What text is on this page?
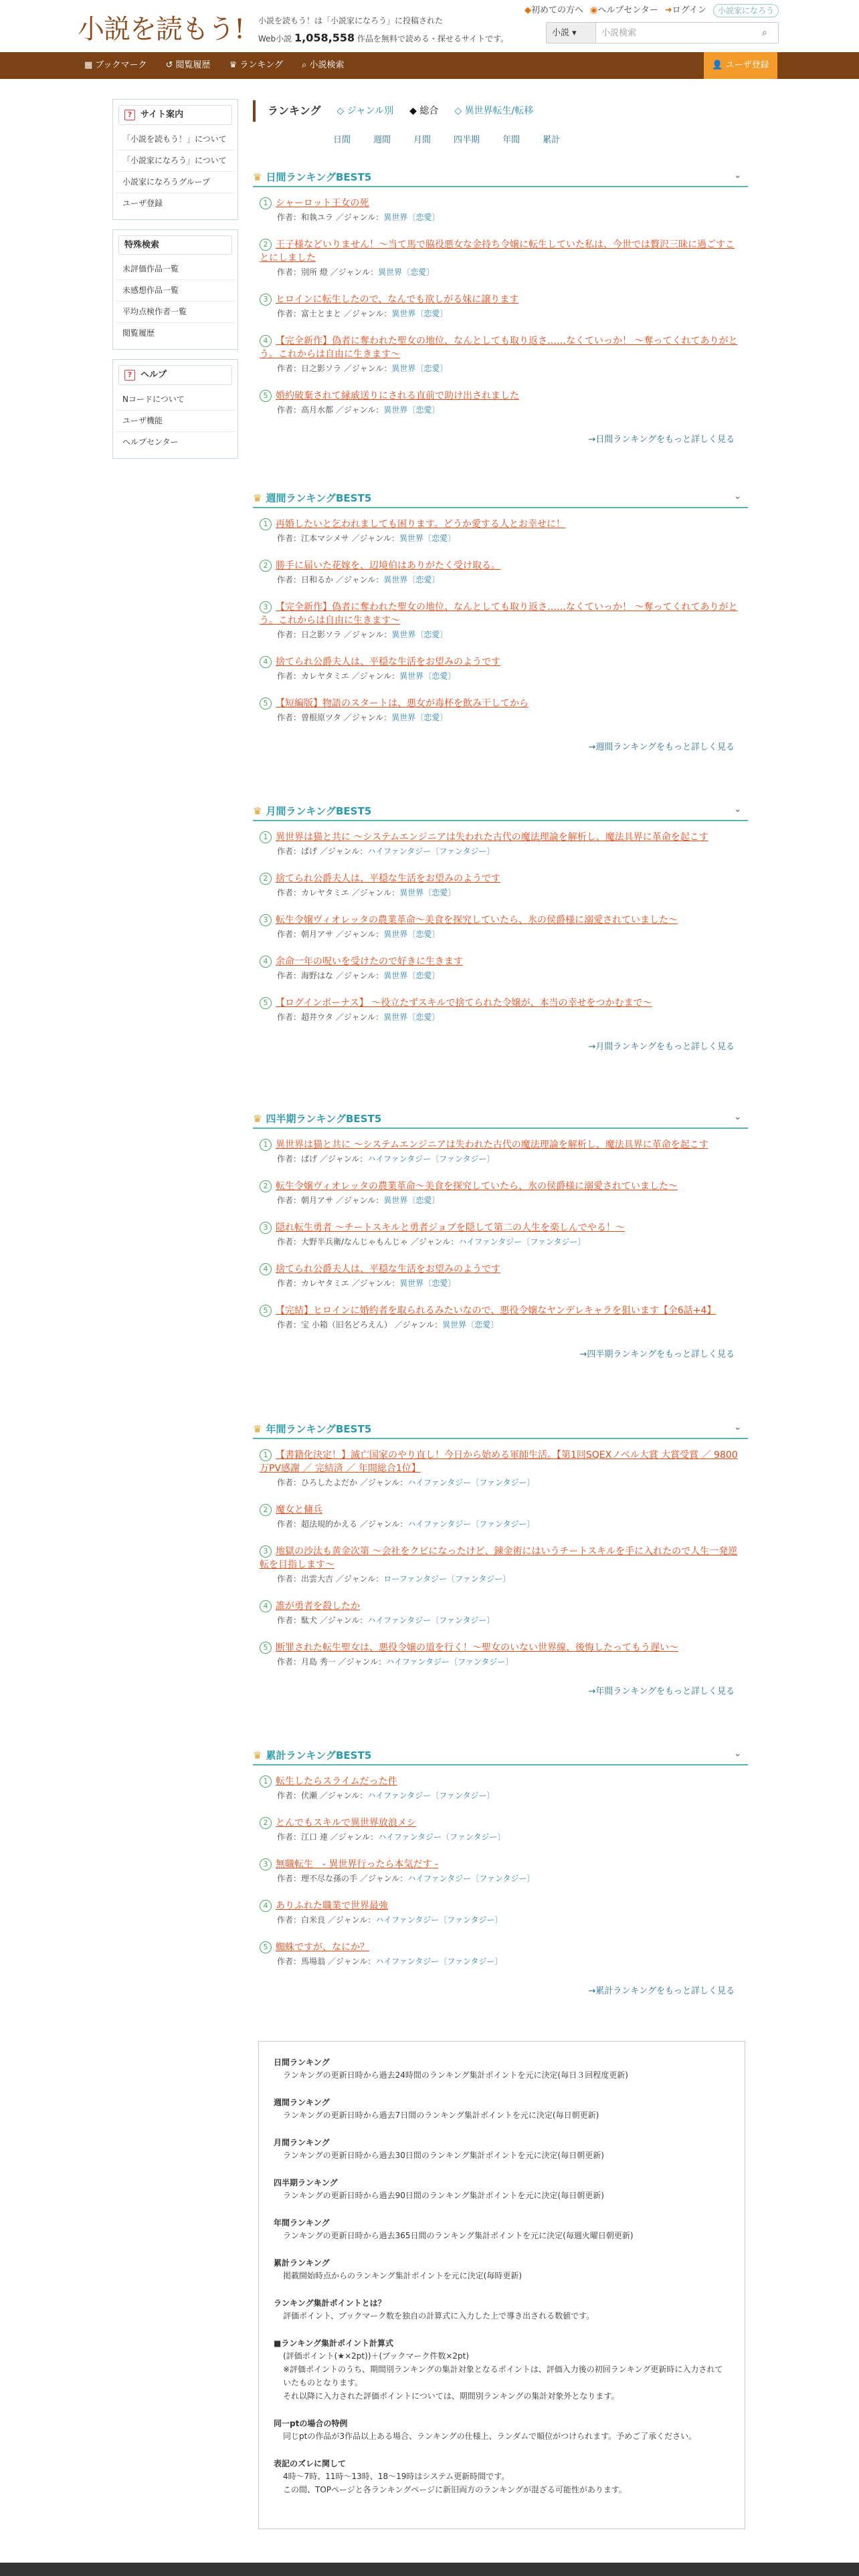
小説を読もう! 小説を読もう！は「小説家になろう」に投稿された
Web小説 1,058,558 作品を無料で読める・探せるサイトです。
◆初めての方へ ◉ヘルプセンター ➜ログイン	小説家になろう
小説 ▾	小説検索	⌕
▦ ブックマーク ↺ 閲覧履歴 ♛ ランキング ⌕ 小説検索	👤 ユーザ登録
? サイト案内
「小説を読もう！」について
「小説家になろう」について
小説家になろうグループ
ユーザ登録
特殊検索
未評価作品一覧
未感想作品一覧
平均点検作者一覧
閲覧履歴
? ヘルプ
Nコードについて
ユーザ機能
ヘルプセンター
ランキング ◇ ジャンル別 ◆ 総合 ◇ 異世界転生/転移
日間	週間	月間	四半期	年間	累計
♛ 日間ランキングBEST5	⌄
1 シャーロット王女の死
作者：和執ユラ ／ジャンル：異世界〔恋愛〕
2 王子様などいりません！～当て馬で脇役悪女な金持ち令嬢に転生していた私は、今世では贅沢三昧に過ごすことにしました
作者：別所 燈 ／ジャンル：異世界〔恋愛〕
3 ヒロインに転生したので、なんでも欲しがる妹に譲ります
作者：富士とまと ／ジャンル：異世界〔恋愛〕
4 【完全新作】偽者に奪われた聖女の地位、なんとしても取り返さ……なくていっか！ ～奪ってくれてありがとう。これからは自由に生きます～
作者：日之影ソラ ／ジャンル：異世界〔恋愛〕
5 婚約破棄されて縁戚送りにされる直前で助け出されました
作者：高月水都 ／ジャンル：異世界〔恋愛〕
→日間ランキングをもっと詳しく見る
♛ 週間ランキングBEST5	⌄
1 再婚したいと乞われましても困ります。どうか愛する人とお幸せに！
作者：江本マシメサ ／ジャンル：異世界〔恋愛〕
2 勝手に届いた花嫁を、辺境伯はありがたく受け取る。
作者：日和るか ／ジャンル：異世界〔恋愛〕
3 【完全新作】偽者に奪われた聖女の地位、なんとしても取り返さ……なくていっか！ ～奪ってくれてありがとう。これからは自由に生きます～
作者：日之影ソラ ／ジャンル：異世界〔恋愛〕
4 捨てられ公爵夫人は、平穏な生活をお望みのようです
作者：カレヤタミエ ／ジャンル：異世界〔恋愛〕
5 【短編版】物語のスタートは、悪女が毒杯を飲み干してから
作者：曽根原ツタ ／ジャンル：異世界〔恋愛〕
→週間ランキングをもっと詳しく見る
♛ 月間ランキングBEST5	⌄
1 異世界は猫と共に ～システムエンジニアは失われた古代の魔法理論を解析し、魔法具界に革命を起こす
作者：ぱげ ／ジャンル：ハイファンタジー〔ファンタジー〕
2 捨てられ公爵夫人は、平穏な生活をお望みのようです
作者：カレヤタミエ ／ジャンル：異世界〔恋愛〕
3 転生令嬢ヴィオレッタの農業革命～美食を探究していたら、氷の侯爵様に溺愛されていました～
作者：朝月アサ ／ジャンル：異世界〔恋愛〕
4 余命一年の呪いを受けたので好きに生きます
作者：海野はな ／ジャンル：異世界〔恋愛〕
5 【ログインボーナス】 ～役立たずスキルで捨てられた令嬢が、本当の幸せをつかむまで～
作者：超井ウタ ／ジャンル：異世界〔恋愛〕
→月間ランキングをもっと詳しく見る
♛ 四半期ランキングBEST5	⌄
1 異世界は猫と共に ～システムエンジニアは失われた古代の魔法理論を解析し、魔法具界に革命を起こす
作者：ぱげ ／ジャンル：ハイファンタジー〔ファンタジー〕
2 転生令嬢ヴィオレッタの農業革命～美食を探究していたら、氷の侯爵様に溺愛されていました～
作者：朝月アサ ／ジャンル：異世界〔恋愛〕
3 隠れ転生勇者 ～チートスキルと勇者ジョブを隠して第二の人生を楽しんでやる！～
作者：大野半兵衛/なんじゃもんじゃ ／ジャンル：ハイファンタジー〔ファンタジー〕
4 捨てられ公爵夫人は、平穏な生活をお望みのようです
作者：カレヤタミエ ／ジャンル：異世界〔恋愛〕
5 【完結】ヒロインに婚約者を取られるみたいなので、悪役令嬢なヤンデレキャラを狙います【全6話+4】
作者：宝 小箱（旧名どろえん） ／ジャンル：異世界〔恋愛〕
→四半期ランキングをもっと詳しく見る
♛ 年間ランキングBEST5	⌄
1 【書籍化決定！】滅亡国家のやり直し！今日から始める軍師生活。【第1回SQEXノベル大賞 大賞受賞 ／ 9800万PV感謝 ／ 完結済 ／ 年間総合1位】
作者：ひろしたよだか ／ジャンル：ハイファンタジー〔ファンタジー〕
2 魔女と傭兵
作者：超法規的かえる ／ジャンル：ハイファンタジー〔ファンタジー〕
3 地獄の沙汰も黄金次第 ～会社をクビになったけど、錬金術にはいうチートスキルを手に入れたので人生一発逆転を目指します～
作者：出雲大吉 ／ジャンル：ローファンタジー〔ファンタジー〕
4 誰が勇者を殺したか
作者：駄犬 ／ジャンル：ハイファンタジー〔ファンタジー〕
5 断罪された転生聖女は、悪役令嬢の道を行く！～聖女のいない世界線、後悔したってもう遅い～
作者：月島 秀一 ／ジャンル：ハイファンタジー〔ファンタジー〕
→年間ランキングをもっと詳しく見る
♛ 累計ランキングBEST5	⌄
1 転生したらスライムだった件
作者：伏瀬 ／ジャンル：ハイファンタジー〔ファンタジー〕
2 とんでもスキルで異世界放浪メシ
作者：江口 連 ／ジャンル：ハイファンタジー〔ファンタジー〕
3 無職転生　- 異世界行ったら本気だす -
作者：理不尽な孫の手 ／ジャンル：ハイファンタジー〔ファンタジー〕
4 ありふれた職業で世界最強
作者：白米良 ／ジャンル：ハイファンタジー〔ファンタジー〕
5 蜘蛛ですが、なにか？
作者：馬場翁 ／ジャンル：ハイファンタジー〔ファンタジー〕
→累計ランキングをもっと詳しく見る
日間ランキング
ランキングの更新日時から過去24時間のランキング集計ポイントを元に決定(毎日３回程度更新)
週間ランキング
ランキングの更新日時から過去7日間のランキング集計ポイントを元に決定(毎日朝更新)
月間ランキング
ランキングの更新日時から過去30日間のランキング集計ポイントを元に決定(毎日朝更新)
四半期ランキング
ランキングの更新日時から過去90日間のランキング集計ポイントを元に決定(毎日朝更新)
年間ランキング
ランキングの更新日時から過去365日間のランキング集計ポイントを元に決定(毎週火曜日朝更新)
累計ランキング
掲載開始時点からのランキング集計ポイントを元に決定(毎時更新)
ランキング集計ポイントとは？
評価ポイント、ブックマーク数を独自の計算式に入力した上で導き出される数値です。
■ランキング集計ポイント計算式
(評価ポイント(★×2pt))＋(ブックマーク件数×2pt)
※評価ポイントのうち、期間別ランキングの集計対象となるポイントは、評価入力後の初回ランキング更新時に入力されていたものとなります。
それ以降に入力された評価ポイントについては、期間別ランキングの集計対象外となります。
同一ptの場合の特例
同じptの作品が3作品以上ある場合、ランキングの仕様上、ランダムで順位がつけられます。予めご了承ください。
表記のズレに関して
4時～7時、11時～13時、18～19時はシステム更新時間です。
この間、TOPページと各ランキングページに新旧両方のランキングが混ざる可能性があります。
